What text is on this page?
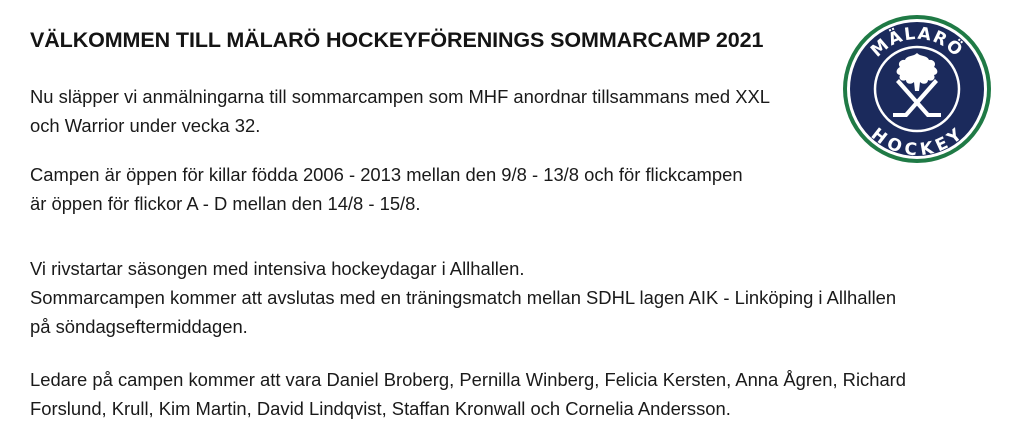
VÄLKOMMEN TILL MÄLARÖ HOCKEYFÖRENINGS SOMMARCAMP 2021

Nu släpper vi anmälningarna till sommarcampen som MHF anordnar tillsammans med XXL
och Warrior under vecka 32.

Campen är öppen för killar födda 2006 - 2013 mellan den 9/8 - 13/8 och för flickcampen
är öppen för flickor A - D mellan den 14/8 - 15/8.

Vi rivstartar säsongen med intensiva hockeydagar i Allhallen.
Sommarcampen kommer att avslutas med en träningsmatch mellan SDHL lagen AIK - Linköping i Allhallen
på söndagseftermiddagen.

Ledare på campen kommer att vara Daniel Broberg, Pernilla Winberg, Felicia Kersten, Anna Ågren, Richard
Forslund, Krull, Kim Martin, David Lindqvist, Staffan Kronwall och Cornelia Andersson.

MÄLARÖ
HOCKEY
